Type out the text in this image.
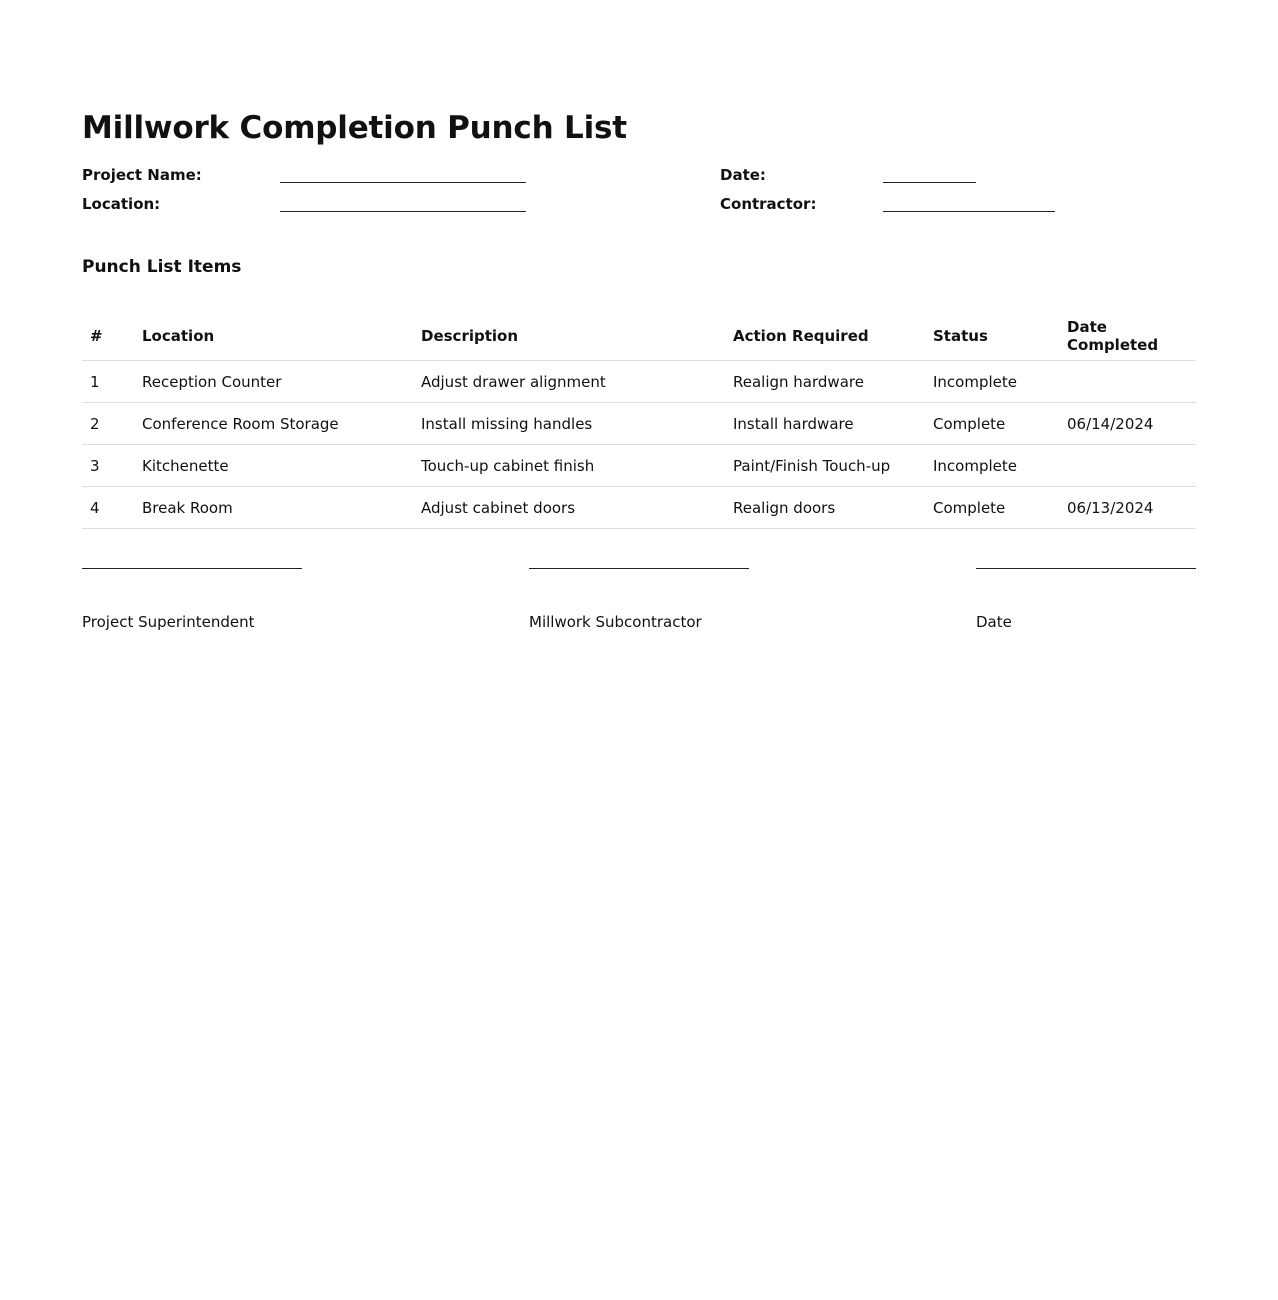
Millwork Completion Punch List
Project Name:	Date:
Location:	Contractor:
Punch List Items
#	Location	Description	Action Required	Status	Date Completed
1	Reception Counter	Adjust drawer alignment	Realign hardware	Incomplete	
2	Conference Room Storage	Install missing handles	Install hardware	Complete	06/14/2024
3	Kitchenette	Touch-up cabinet finish	Paint/Finish Touch-up	Incomplete	
4	Break Room	Adjust cabinet doors	Realign doors	Complete	06/13/2024
Project Superintendent	Millwork Subcontractor	Date
